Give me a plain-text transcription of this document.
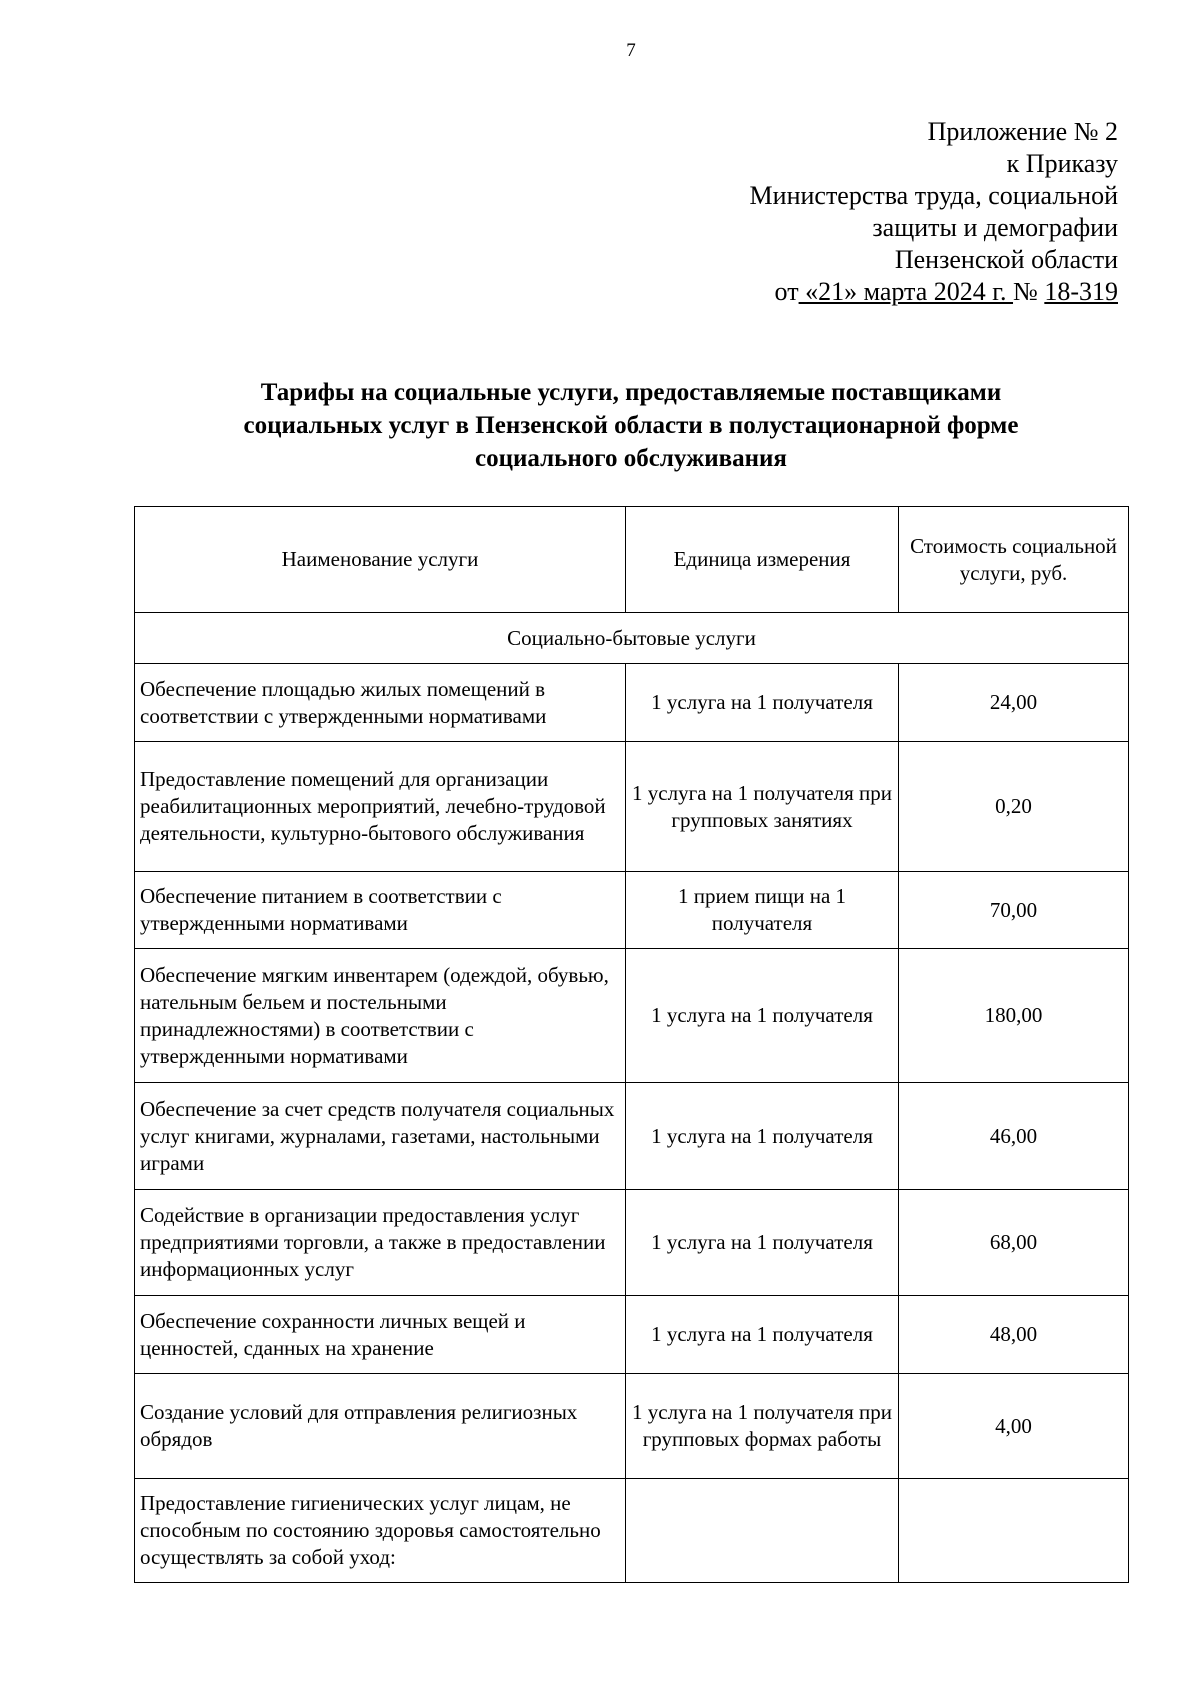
7
Приложение № 2
к Приказу
Министерства труда, социальной
защиты и демографии
Пензенской области
от «21» марта 2024 г. № 18-319
Тарифы на социальные услуги, предоставляемые поставщиками
социальных услуг в Пензенской области в полустационарной форме
социального обслуживания
Наименование услуги	Единица измерения	Стоимость социальной услуги, руб.
Социально-бытовые услуги		
Обеспечение площадью жилых помещений в соответствии с утвержденными нормативами	1 услуга на 1 получателя	24,00
Предоставление помещений для организации реабилитационных мероприятий, лечебно-трудовой деятельности, культурно-бытового обслуживания	1 услуга на 1 получателя при групповых занятиях	0,20
Обеспечение питанием в соответствии с утвержденными нормативами	1 прием пищи на 1 получателя	70,00
Обеспечение мягким инвентарем (одеждой, обувью, нательным бельем и постельными принадлежностями) в соответствии с утвержденными нормативами	1 услуга на 1 получателя	180,00
Обеспечение за счет средств получателя социальных услуг книгами, журналами, газетами, настольными играми	1 услуга на 1 получателя	46,00
Содействие в организации предоставления услуг предприятиями торговли, а также в предоставлении информационных услуг	1 услуга на 1 получателя	68,00
Обеспечение сохранности личных вещей и ценностей, сданных на хранение	1 услуга на 1 получателя	48,00
Создание условий для отправления религиозных обрядов	1 услуга на 1 получателя при групповых формах работы	4,00
Предоставление гигиенических услуг лицам, не способным по состоянию здоровья самостоятельно осуществлять за собой уход:		
